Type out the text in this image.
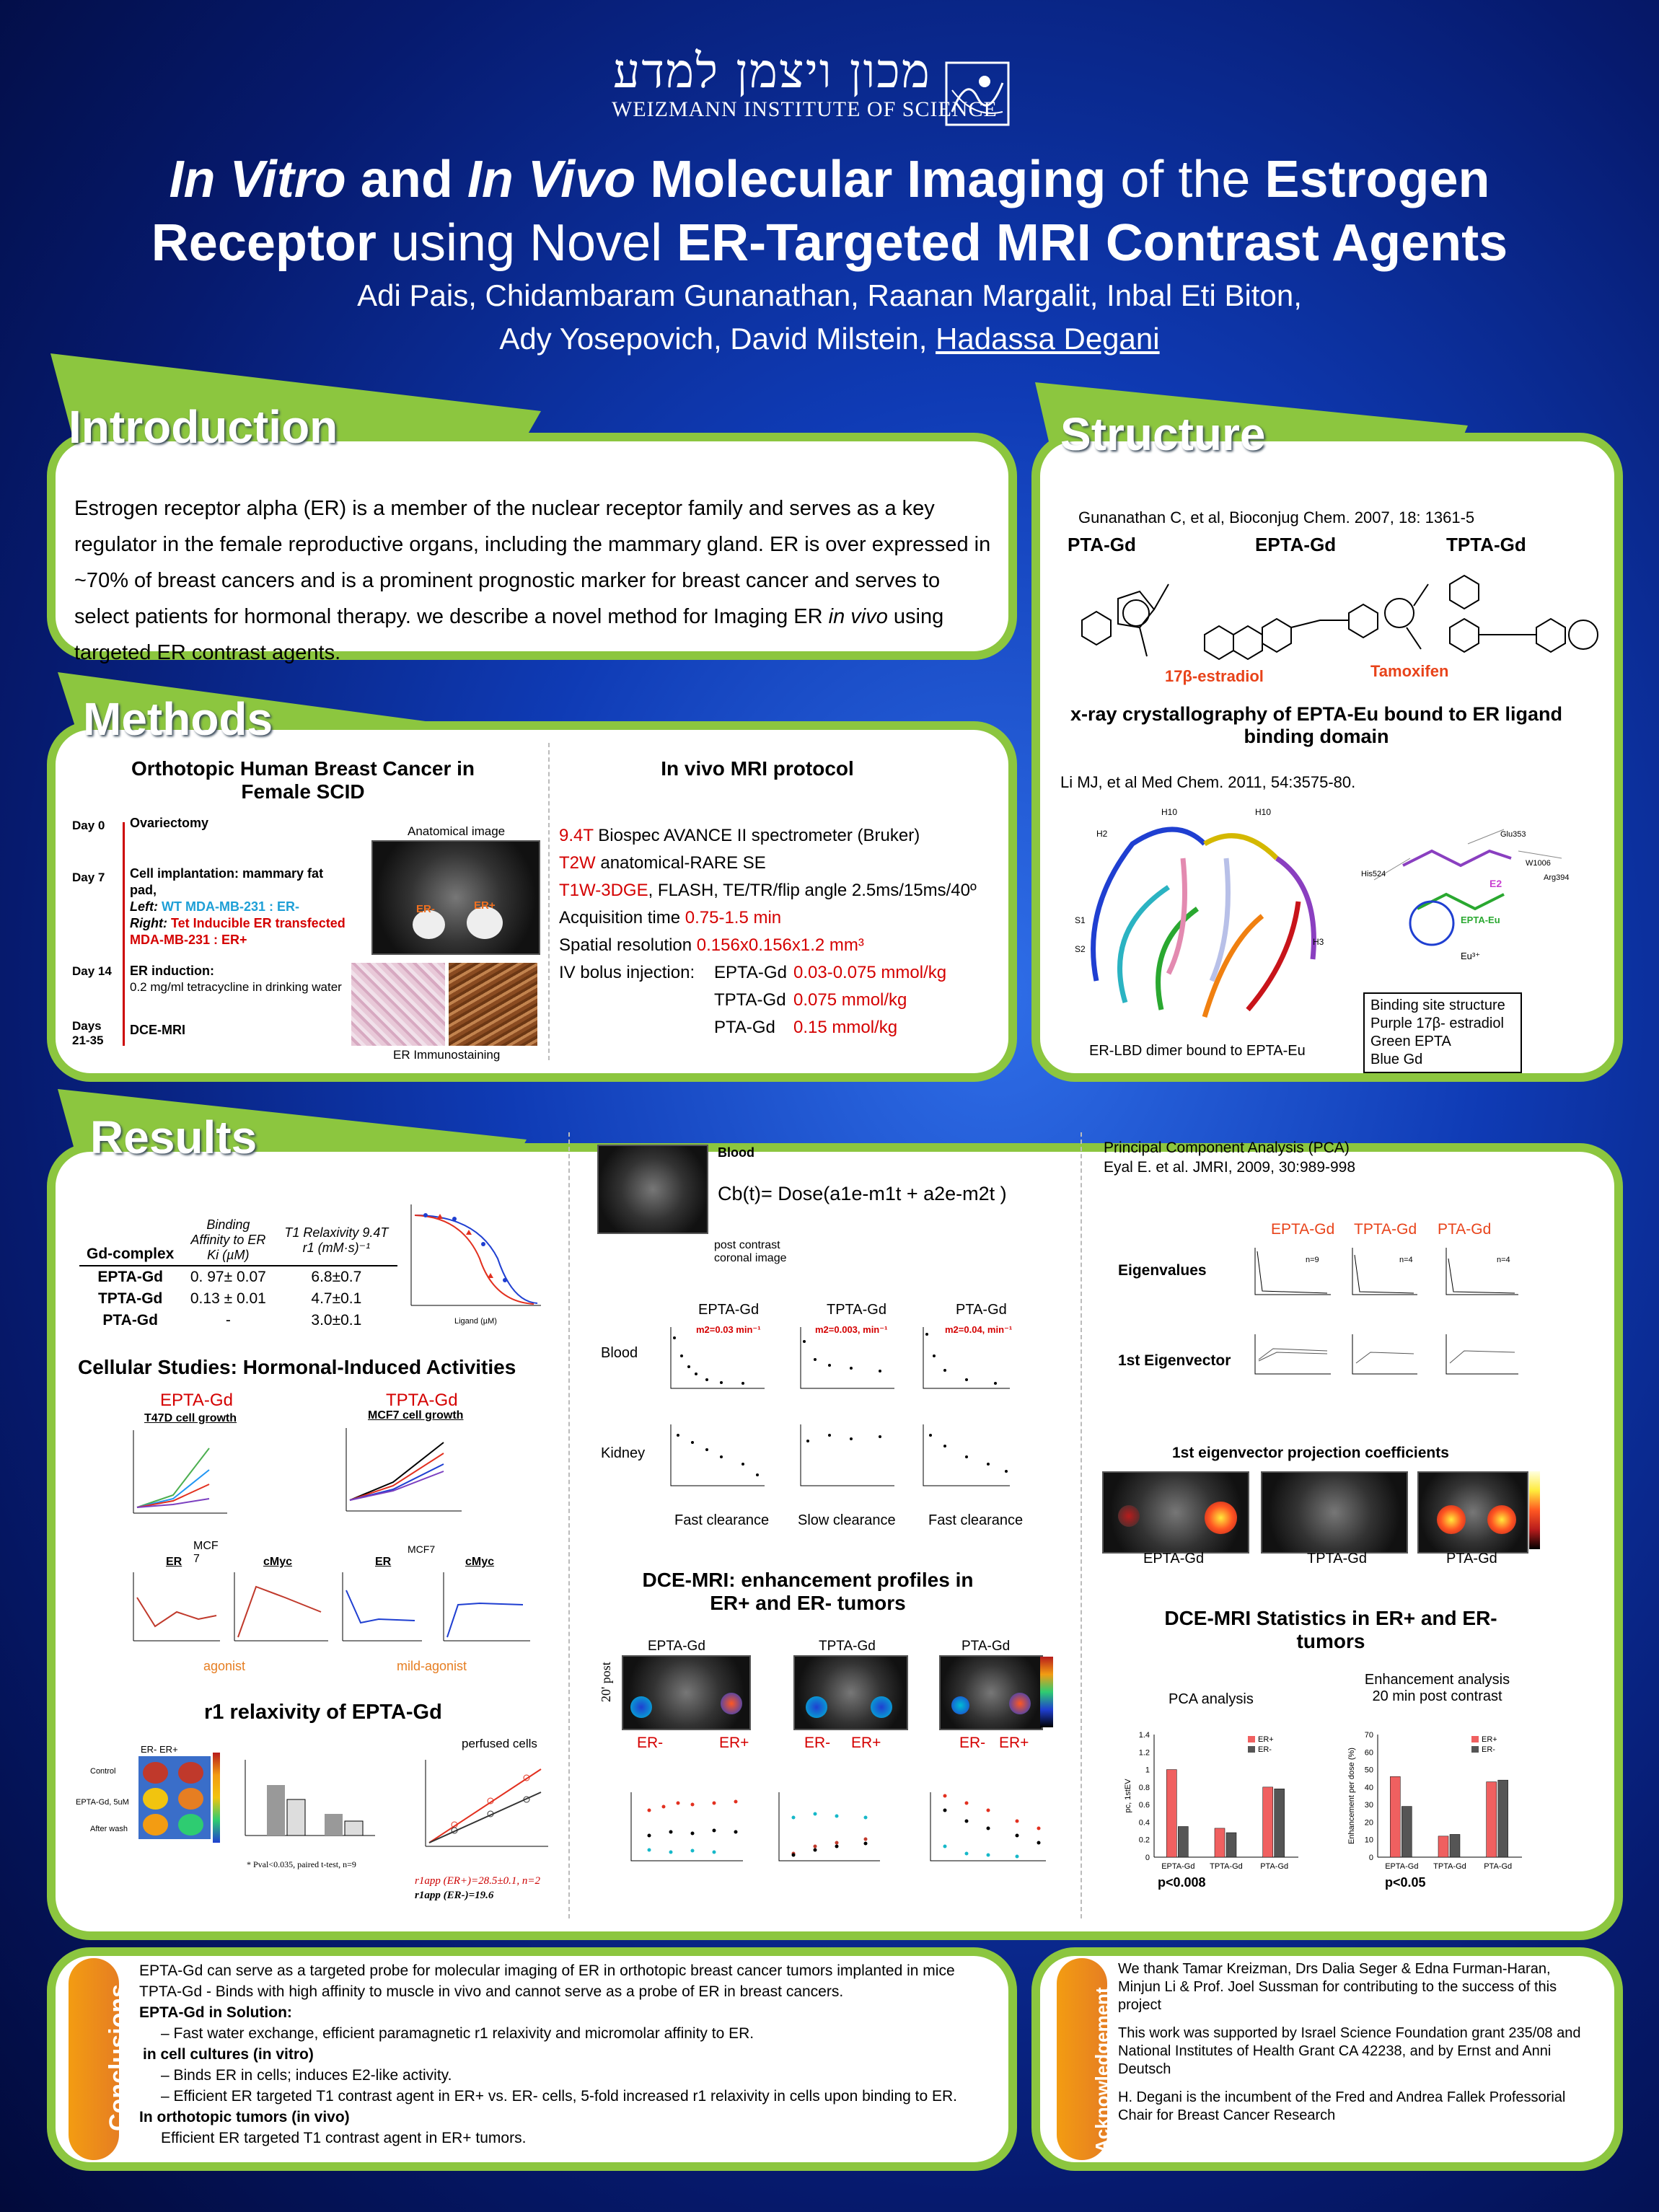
מכון ויצמן למדע
WEIZMANN INSTITUTE OF SCIENCE
In Vitro and In Vivo Molecular Imaging of the Estrogen
Receptor using Novel ER-Targeted MRI Contrast Agents
Adi Pais, Chidambaram Gunanathan, Raanan Margalit, Inbal Eti Biton,
Ady Yosepovich, David Milstein, Hadassa Degani
Introduction
Estrogen receptor alpha (ER) is a member of the nuclear receptor family and serves as a key regulator in the female reproductive organs, including the mammary gland. ER is over expressed in ~70% of breast cancers and is a prominent prognostic marker for breast cancer and serves to select patients for hormonal therapy. we describe a novel method for Imaging ER in vivo using targeted ER contrast agents.
Structure
Gunanathan C, et al, Bioconjug Chem. 2007, 18: 1361-5
PTA-Gd	EPTA-Gd	TPTA-Gd
17β-estradiol	Tamoxifen
x-ray crystallography of EPTA-Eu bound to ER ligand binding domain
Li MJ, et al Med Chem. 2011, 54:3575-80.
H10	H10
H2
S1
S2
H3
Glu353
Arg394
His524
W1006
E2
EPTA-Eu
Eu³⁺
Binding site structure
Purple 17β- estradiol
Green EPTA
Blue Gd
ER-LBD dimer bound to EPTA-Eu
Methods
Orthotopic Human Breast Cancer in Female SCID
Day 0 Ovariectomy
Day 7 Cell implantation: mammary fat pad,
Left: WT MDA-MB-231 : ER-
Right: Tet Inducible ER transfected MDA-MB-231 : ER+
Day 14 ER induction:
0.2 mg/ml tetracycline in drinking water
Days 21-35
DCE-MRI
Anatomical image
ER-	ER+
ER Immunostaining
In vivo MRI protocol
9.4T Biospec AVANCE II spectrometer (Bruker)
T2W anatomical-RARE SE
T1W-3DGE, FLASH, TE/TR/flip angle 2.5ms/15ms/40º
Acquisition time 0.75-1.5 min
Spatial resolution 0.156x0.156x1.2 mm³
IV bolus injection:	EPTA-Gd 0.03-0.075 mmol/kg
TPTA-Gd 0.075 mmol/kg
PTA-Gd	0.15 mmol/kg
Results
Gd-complex	Binding Affinity to ER Ki (µM)	T1 Relaxivity 9.4T r1 (mM·s)⁻¹
EPTA-Gd	0. 97± 0.07	6.8±0.7
TPTA-Gd	0.13 ± 0.01	4.7±0.1
PTA-Gd	-	3.0±0.1	Ligand (µM)
Cellular Studies: Hormonal-Induced Activities
EPTA-Gd	TPTA-Gd
T47D cell growth	MCF7 cell growth
MCF 7
ER	cMyc
MCF7
ER	cMyc
agonist	mild-agonist
r1 relaxivity of EPTA-Gd
Control
EPTA-Gd, 5uM
After wash
ER- ER+	perfused cells
* Pval<0.035, paired t-test, n=9
r1app (ER+)=28.5±0.1, n=2
r1app (ER-)=19.6
Blood
Cb(t)= Dose(a1e-m1t + a2e-m2t )
post contrast coronal image
EPTA-Gd	TPTA-Gd	PTA-Gd
m2=0.03 min⁻¹	m2=0.003, min⁻¹	m2=0.04, min⁻¹
Blood
Kidney
Fast clearance Slow clearance Fast clearance
DCE-MRI: enhancement profiles in ER+ and ER- tumors
EPTA-Gd	TPTA-Gd	PTA-Gd
20' post
ER-	ER+	ER- ER+	ER- ER+
Principal Component Analysis (PCA)
Eyal E. et al. JMRI, 2009, 30:989-998
EPTA-Gd TPTA-Gd PTA-Gd
Eigenvalues
1st Eigenvector
n=9	n=4	n=4
1st eigenvector projection coefficients
EPTA-Gd	TPTA-Gd	PTA-Gd
DCE-MRI Statistics in ER+ and ER- tumors
PCA analysis
Enhancement analysis 20 min post contrast
0
0.2
0.4
0.6
0.8
1
1.2
1.4
pc, 1stEV
EPTA-Gd TPTA-Gd PTA-Gd
ER+
ER-
0
10
20
30
40
50
60
70
Enhancement per dose (%)
EPTA-Gd TPTA-Gd PTA-Gd
ER+
ER-
p<0.008	p<0.05
Conclusions
EPTA-Gd can serve as a targeted probe for molecular imaging of ER in orthotopic breast cancer tumors implanted in mice
TPTA-Gd - Binds with high affinity to muscle in vivo and cannot serve as a probe of ER in breast cancers.
EPTA-Gd in Solution:
– Fast water exchange, efficient paramagnetic r1 relaxivity and micromolar affinity to ER.
in cell cultures (in vitro)
– Binds ER in cells; induces E2-like activity.
– Efficient ER targeted T1 contrast agent in ER+ vs. ER- cells, 5-fold increased r1 relaxivity in cells upon binding to ER.
In orthotopic tumors (in vivo)
Efficient ER targeted T1 contrast agent in ER+ tumors.	Acknowledgement
We thank Tamar Kreizman, Drs Dalia Seger & Edna Furman-Haran, Minjun Li & Prof. Joel Sussman for contributing to the success of this project
This work was supported by Israel Science Foundation grant 235/08 and National Institutes of Health Grant CA 42238, and by Ernst and Anni Deutsch
H. Degani is the incumbent of the Fred and Andrea Fallek Professorial Chair for Breast Cancer Research
